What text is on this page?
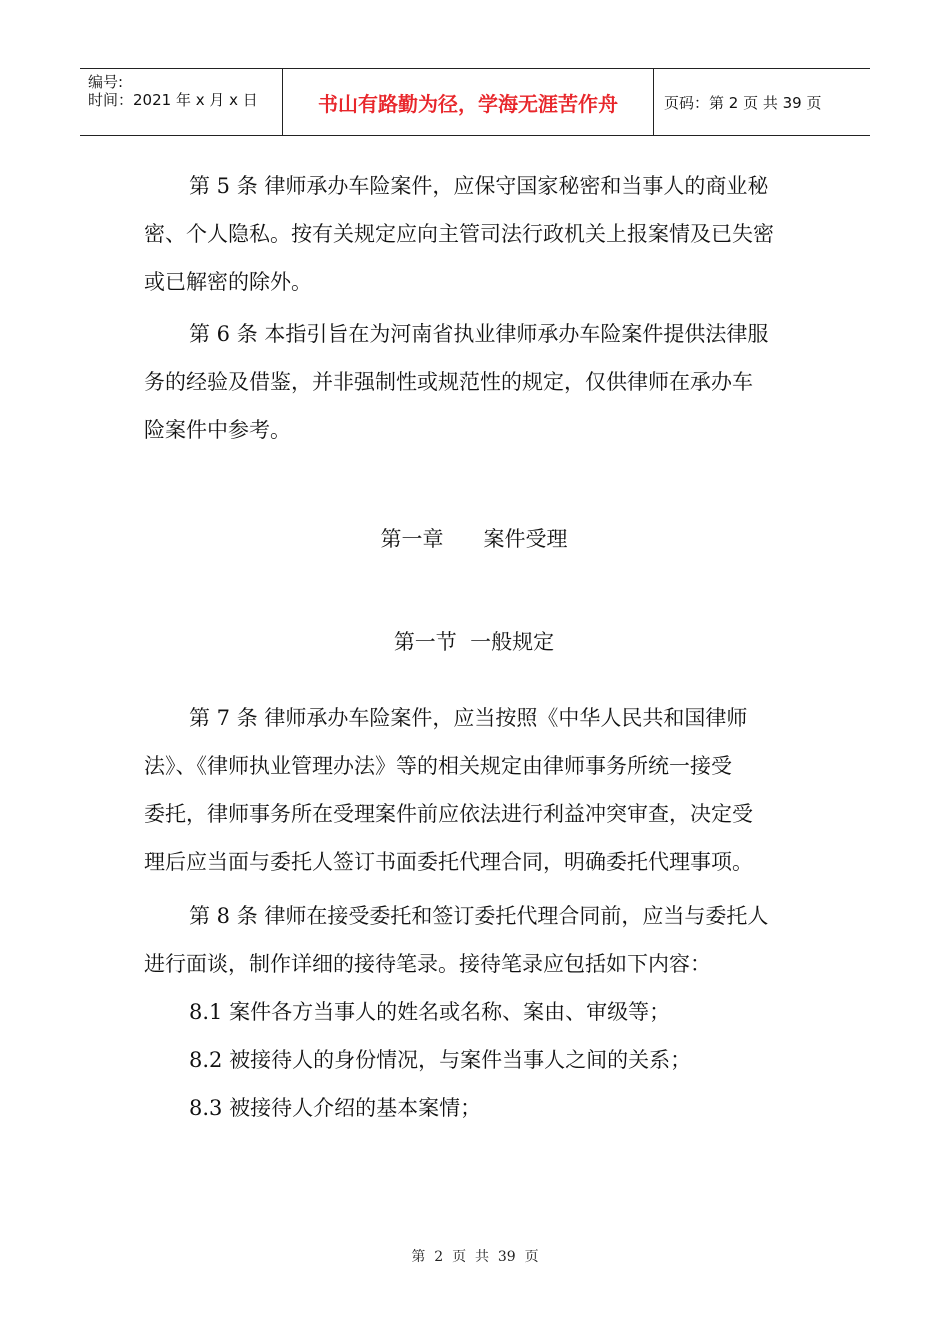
编号:
时间：2021 年 x 月 x 日	书山有路勤为径，学海无涯苦作舟	页码：第 2 页 共 39 页

第 5 条 律师承办车险案件，应保守国家秘密和当事人的商业秘

密、个人隐私。按有关规定应向主管司法行政机关上报案情及已失密

或已解密的除外。

第 6 条 本指引旨在为河南省执业律师承办车险案件提供法律服

务的经验及借鉴，并非强制性或规范性的规定，仅供律师在承办车

险案件中参考。

第一章      案件受理

第一节  一般规定

第 7 条 律师承办车险案件，应当按照《中华人民共和国律师

法》、《律师执业管理办法》等的相关规定由律师事务所统一接受

委托，律师事务所在受理案件前应依法进行利益冲突审查，决定受

理后应当面与委托人签订书面委托代理合同，明确委托代理事项。

第 8 条 律师在接受委托和签订委托代理合同前，应当与委托人

进行面谈，制作详细的接待笔录。接待笔录应包括如下内容：

8.1 案件各方当事人的姓名或名称、案由、审级等；

8.2 被接待人的身份情况，与案件当事人之间的关系；

8.3 被接待人介绍的基本案情；

第  2  页  共  39  页
